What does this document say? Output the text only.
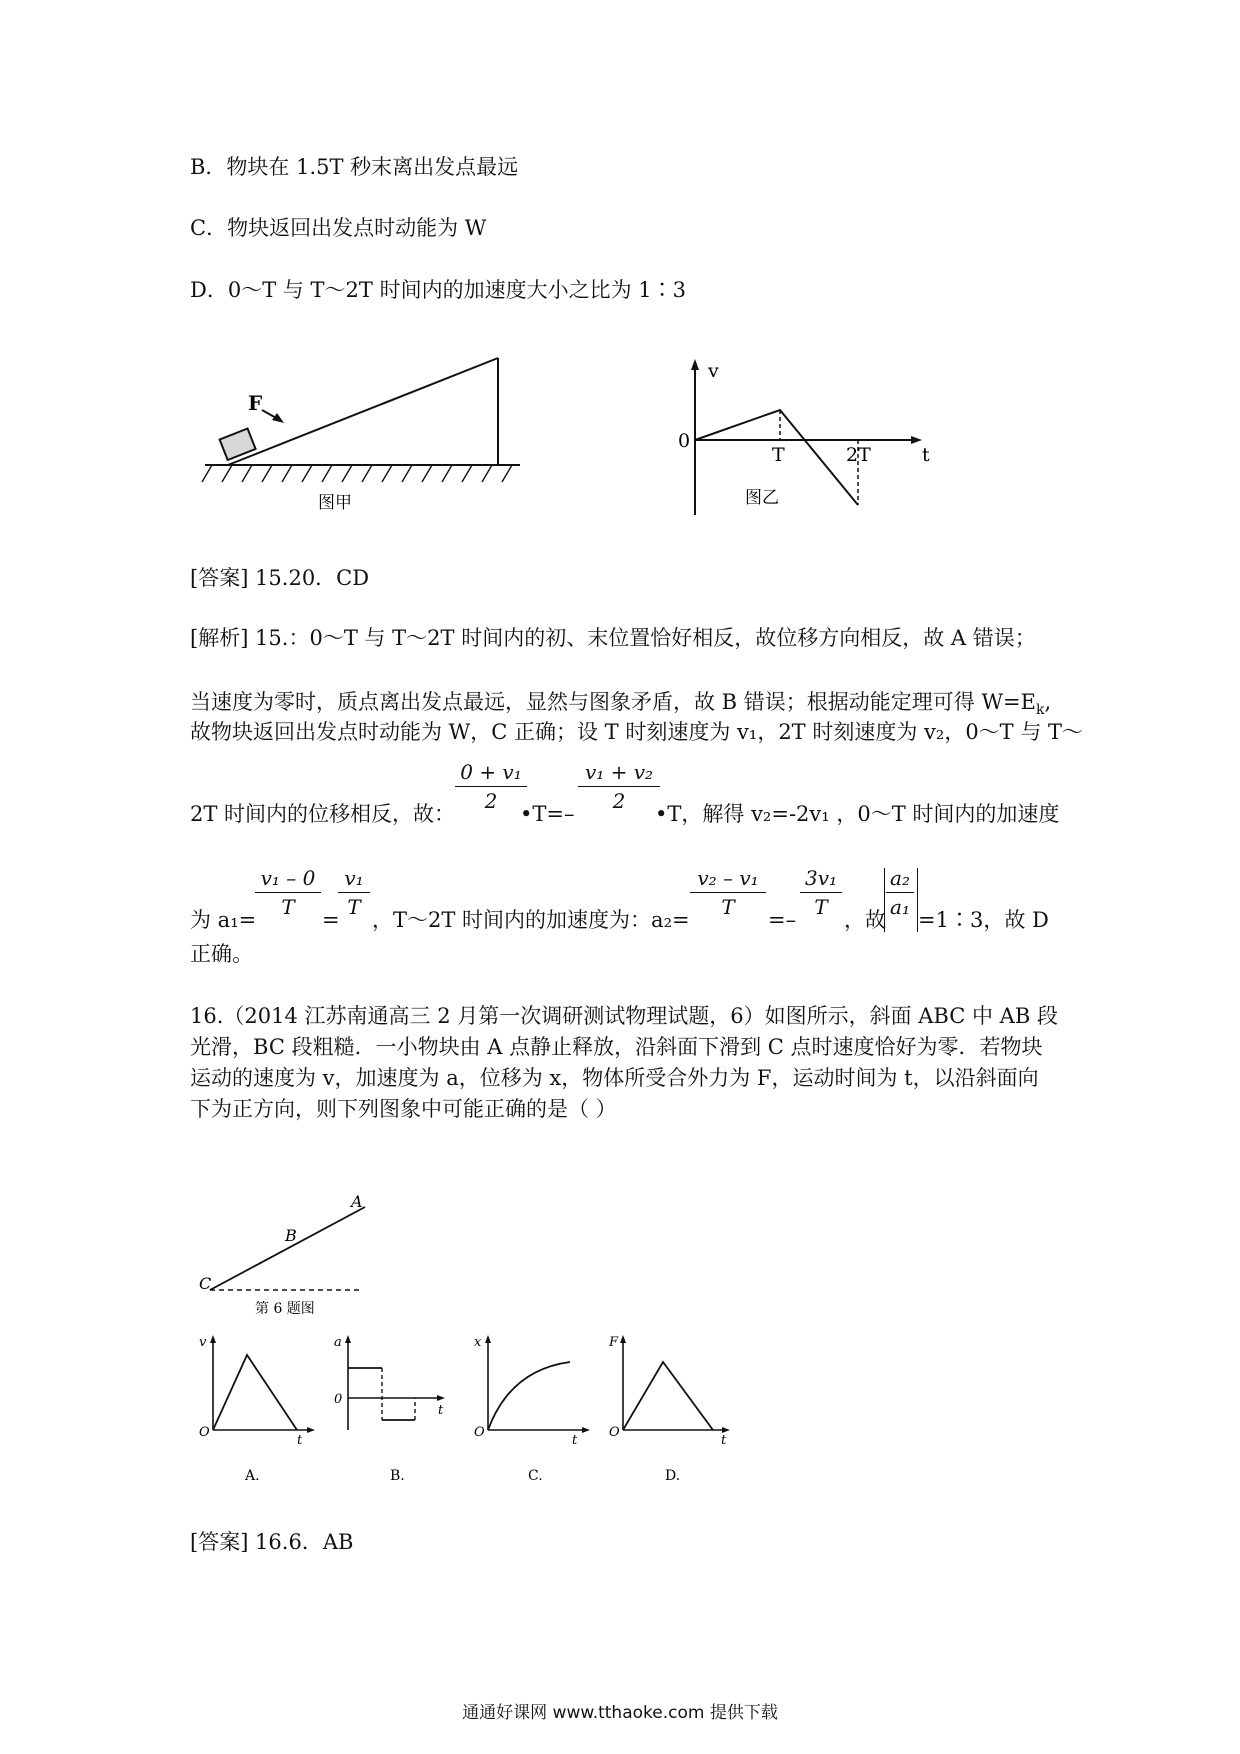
B．物块在 1.5T 秒末离出发点最远
C．物块返回出发点时动能为 W
D．0～T 与 T～2T 时间内的加速度大小之比为 1∶3
F
图甲
v
t
0
T	2T
图乙
[答案] 15.20．CD
[解析] 15.：0～T 与 T～2T 时间内的初、末位置恰好相反，故位移方向相反，故 A 错误；
当速度为零时，质点离出发点最远，显然与图象矛盾，故 B 错误；根据动能定理可得 $W=E_k$,
故物块返回出发点时动能为 W，C 正确；设 T 时刻速度为 v₁，2T 时刻速度为 v₂，0～T 与 T～
2T 时间内的位移相反，故：
0 + v₁
2
•T=–
v₁ + v₂
2
•T，解得 v₂=-2v₁ ，0～T 时间内的加速度
为 a₁=
v₁ – 0
T
=
v₁
T
，T～2T 时间内的加速度为：a₂=
v₂ – v₁
T
=–
3v₁
T
，故
a₂
a₁
=1∶3，故 D
正确。
16.（2014 江苏南通高三 2 月第一次调研测试物理试题，6）如图所示，斜面 ABC 中 AB 段
光滑，BC 段粗糙．一小物块由 A 点静止释放，沿斜面下滑到 C 点时速度恰好为零．若物块
运动的速度为 v，加速度为 a，位移为 x，物体所受合外力为 F，运动时间为 t，以沿斜面向
下为正方向，则下列图象中可能正确的是（ ）
A
B
C
第 6 题图
v
t
O
A.
a
t
0
B.
x
t
O
C.
F
t
O
D.
[答案] 16.6．AB
通通好课网 www.tthaoke.com 提供下载
